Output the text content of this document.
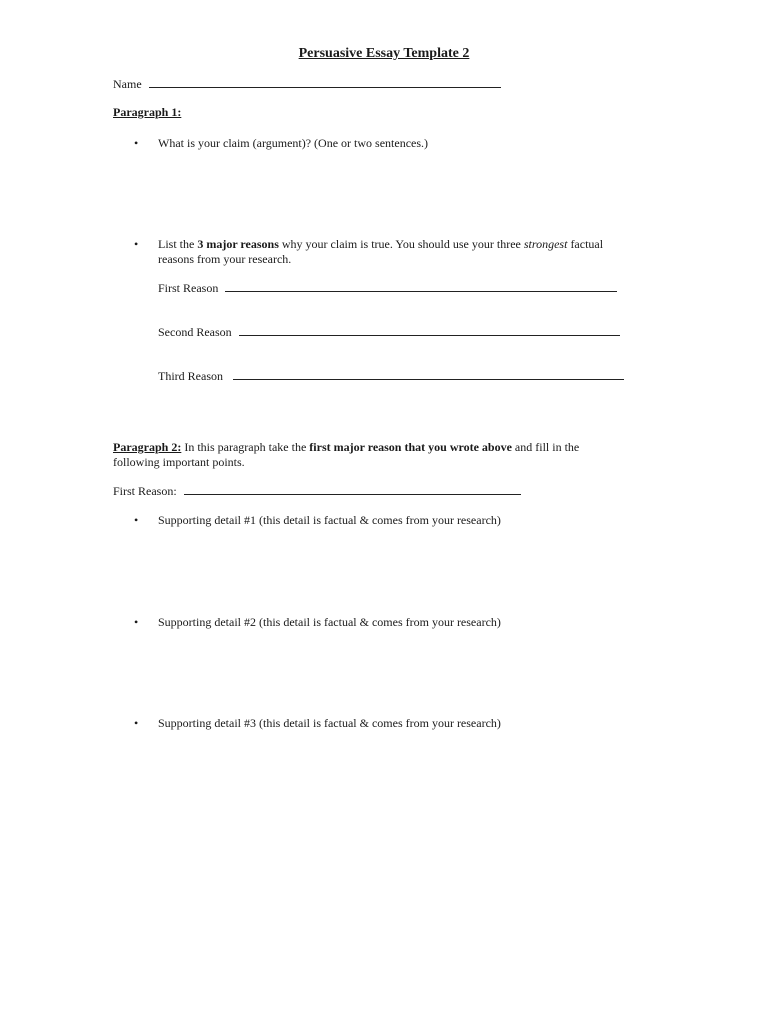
Persuasive Essay Template 2
Name
Paragraph 1:
• What is your claim (argument)? (One or two sentences.)
• List the 3 major reasons why your claim is true. You should use your three strongest factual
reasons from your research.
First Reason
Second Reason
Third Reason
Paragraph 2: In this paragraph take the first major reason that you wrote above and fill in the
following important points.
First Reason:
• Supporting detail #1 (this detail is factual & comes from your research)
• Supporting detail #2 (this detail is factual & comes from your research)
• Supporting detail #3 (this detail is factual & comes from your research)
